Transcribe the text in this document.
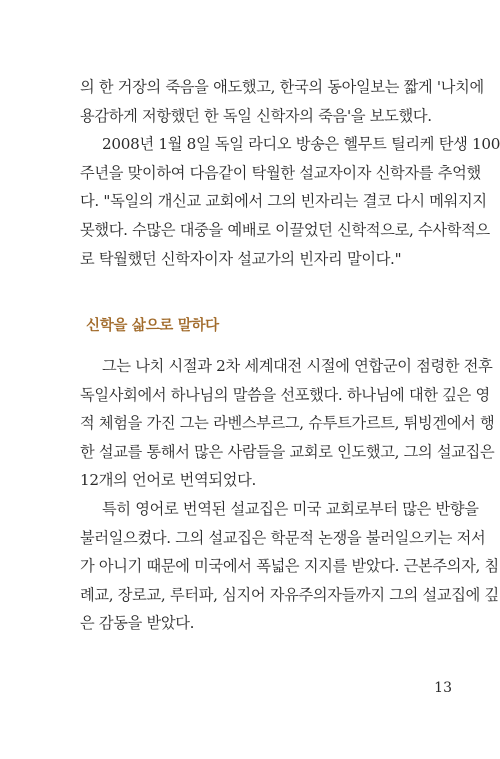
의 한 거장의 죽음을 애도했고, 한국의 동아일보는 짧게 '나치에
용감하게 저항했던 한 독일 신학자의 죽음'을 보도했다.

2008년 1월 8일 독일 라디오 방송은 헬무트 틸리케 탄생 100
주년을 맞이하여 다음같이 탁월한 설교자이자 신학자를 추억했
다. "독일의 개신교 교회에서 그의 빈자리는 결코 다시 메워지지
못했다. 수많은 대중을 예배로 이끌었던 신학적으로, 수사학적으
로 탁월했던 신학자이자 설교가의 빈자리 말이다."

신학을 삶으로 말하다

그는 나치 시절과 2차 세계대전 시절에 연합군이 점령한 전후
독일사회에서 하나님의 말씀을 선포했다. 하나님에 대한 깊은 영
적 체험을 가진 그는 라벤스부르그, 슈투트가르트, 튀빙겐에서 행
한 설교를 통해서 많은 사람들을 교회로 인도했고, 그의 설교집은
12개의 언어로 번역되었다.

특히 영어로 번역된 설교집은 미국 교회로부터 많은 반향을
불러일으켰다. 그의 설교집은 학문적 논쟁을 불러일으키는 저서
가 아니기 때문에 미국에서 폭넓은 지지를 받았다. 근본주의자, 침
례교, 장로교, 루터파, 심지어 자유주의자들까지 그의 설교집에 깊
은 감동을 받았다.

13
